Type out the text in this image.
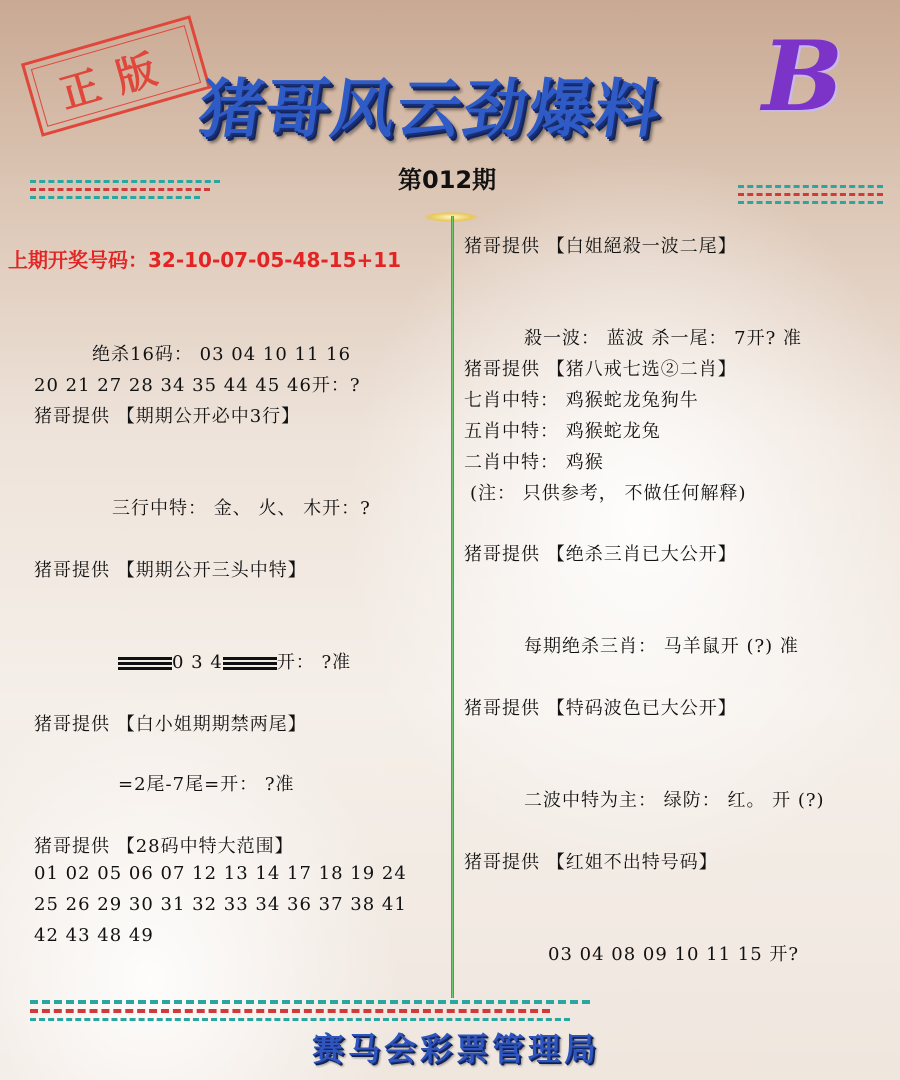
正版 猪哥风云劲爆料 B
第012期
上期开奖号码：32-10-07-05-48-15+11
绝杀16码： 03 04 10 11 16
20 21 27 28 34 35 44 45 46开：?
猪哥提供 【期期公开必中3行】
三行中特： 金、 火、 木开：?
猪哥提供 【期期公开三头中特】
0 3 4	开： ?准
猪哥提供 【白小姐期期禁两尾】
=2尾-7尾=开： ?准
猪哥提供 【28码中特大范围】
01 02 05 06 07 12 13 14 17 18 19 24
25 26 29 30 31 32 33 34 36 37 38 41
42 43 48 49
猪哥提供 【白姐絕殺一波二尾】
殺一波： 蓝波 杀一尾： 7开? 准
猪哥提供 【猪八戒七选②二肖】
七肖中特： 鸡猴蛇龙兔狗牛
五肖中特： 鸡猴蛇龙兔
二肖中特： 鸡猴
(注： 只供参考， 不做任何解释)
猪哥提供 【绝杀三肖已大公开】
每期绝杀三肖： 马羊鼠开 (?) 准
猪哥提供 【特码波色已大公开】
二波中特为主： 绿防： 红。 开 (?)
猪哥提供 【红姐不出特号码】
03 04 08 09 10 11 15 开?
赛马会彩票管理局
